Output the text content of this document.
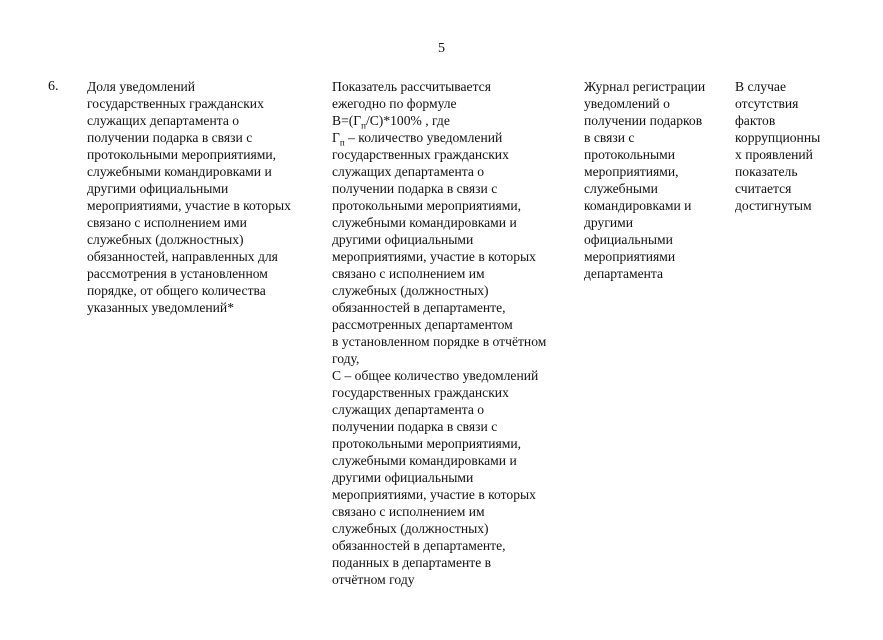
5
6. Доля уведомлений
государственных гражданских
служащих департамента о
получении подарка в связи с
протокольными мероприятиями,
служебными командировками и
другими официальными
мероприятиями, участие в которых
связано с исполнением ими
служебных (должностных)
обязанностей, направленных для
рассмотрения в установленном
порядке, от общего количества
указанных уведомлений*
Показатель рассчитывается
ежегодно по формуле
$В=(Г_п/С)*100\%$ , где
$Г_п$ – количество уведомлений
государственных гражданских
служащих департамента о
получении подарка в связи с
протокольными мероприятиями,
служебными командировками и
другими официальными
мероприятиями, участие в которых
связано с исполнением им
служебных (должностных)
обязанностей в департаменте,
рассмотренных департаментом
в установленном порядке в отчётном
году,
С – общее количество уведомлений
государственных гражданских
служащих департамента о
получении подарка в связи с
протокольными мероприятиями,
служебными командировками и
другими официальными
мероприятиями, участие в которых
связано с исполнением им
служебных (должностных)
обязанностей в департаменте,
поданных в департаменте в
отчётном году
Журнал регистрации
уведомлений о
получении подарков
в связи с
протокольными
мероприятиями,
служебными
командировками и
другими
официальными
мероприятиями
департамента
В случае
отсутствия
фактов
коррупционны
х проявлений
показатель
считается
достигнутым
